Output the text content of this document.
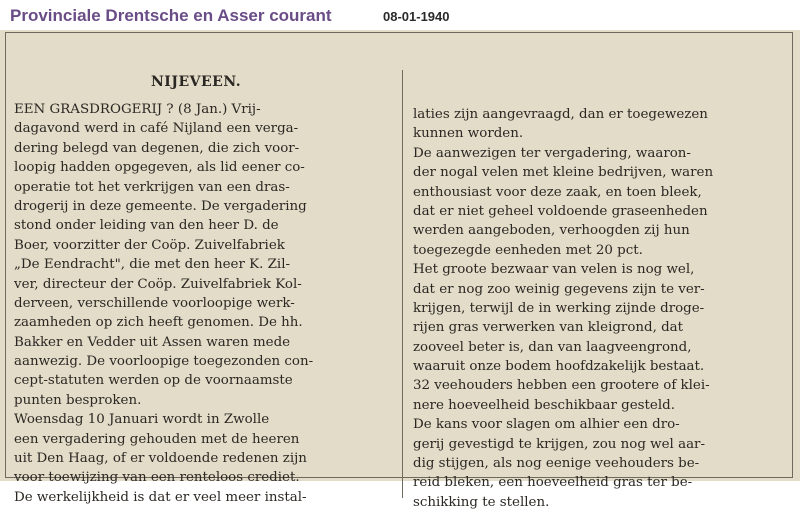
Provinciale Drentsche en Asser courant	08-01-1940
NIJEVEEN.
EEN GRASDROGERIJ ? (8 Jan.) Vrij-
dagavond werd in café Nijland een verga-
dering belegd van degenen, die zich voor-
loopig hadden opgegeven, als lid eener co-
operatie tot het verkrijgen van een dras-
drogerij in deze gemeente. De vergadering
stond onder leiding van den heer D. de
Boer, voorzitter der Coöp. Zuivelfabriek
„De Eendracht", die met den heer K. Zil-
ver, directeur der Coöp. Zuivelfabriek Kol-
derveen, verschillende voorloopige werk-
zaamheden op zich heeft genomen. De hh.
Bakker en Vedder uit Assen waren mede
aanwezig. De voorloopige toegezonden con-
cept-statuten werden op de voornaamste
punten besproken.
Woensdag 10 Januari wordt in Zwolle
een vergadering gehouden met de heeren
uit Den Haag, of er voldoende redenen zijn
voor toewijzing van een renteloos crediet.
De werkelijkheid is dat er veel meer instal-
laties zijn aangevraagd, dan er toegewezen
kunnen worden.
De aanwezigen ter vergadering, waaron-
der nogal velen met kleine bedrijven, waren
enthousiast voor deze zaak, en toen bleek,
dat er niet geheel voldoende graseenheden
werden aangeboden, verhoogden zij hun
toegezegde eenheden met 20 pct.
Het groote bezwaar van velen is nog wel,
dat er nog zoo weinig gegevens zijn te ver-
krijgen, terwijl de in werking zijnde droge-
rijen gras verwerken van kleigrond, dat
zooveel beter is, dan van laagveengrond,
waaruit onze bodem hoofdzakelijk bestaat.
32 veehouders hebben een grootere of klei-
nere hoeveelheid beschikbaar gesteld.
De kans voor slagen om alhier een dro-
gerij gevestigd te krijgen, zou nog wel aar-
dig stijgen, als nog eenige veehouders be-
reid bleken, een hoeveelheid gras ter be-
schikking te stellen.
